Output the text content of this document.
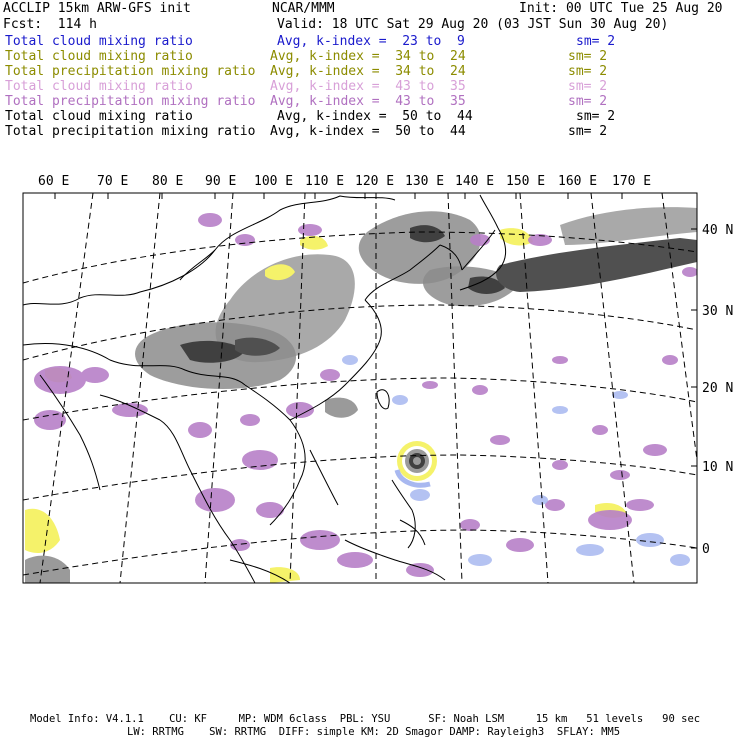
ACCLIP 15km ARW-GFS init	NCAR/MMM	Init: 00 UTC Tue 25 Aug 20
Fcst:  114 h	Valid: 18 UTC Sat 29 Aug 20 (03 JST Sun 30 Aug 20)
Total cloud mixing ratio	Avg, k-index =  23 to  9	sm= 2
Total cloud mixing ratio	Avg, k-index =  34 to  24	sm= 2
Total precipitation mixing ratio Avg, k-index =  34 to  24	sm= 2
Total cloud mixing ratio	Avg, k-index =  43 to  35	sm= 2
Total precipitation mixing ratio Avg, k-index =  43 to  35	sm= 2
Total cloud mixing ratio	Avg, k-index =  50 to  44	sm= 2
Total precipitation mixing ratio Avg, k-index =  50 to  44	sm= 2
60 E 70 E 80 E 90 E 100 E 110 E 120 E 130 E 140 E 150 E 160 E 170 E
40 N
30 N
20 N
10 N
0
Model Info: V4.1.1    CU: KF     MP: WDM 6class  PBL: YSU      SF: Noah LSM     15 km   51 levels   90 sec
LW: RRTMG    SW: RRTMG  DIFF: simple KM: 2D Smagor DAMP: Rayleigh3  SFLAY: MM5
